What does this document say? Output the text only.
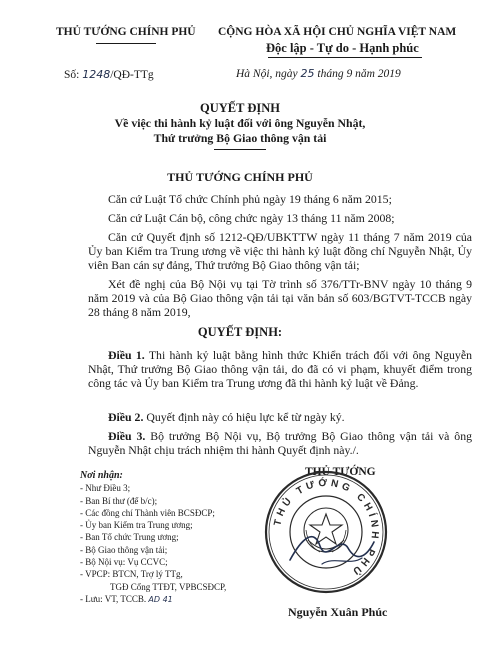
THỦ TƯỚNG CHÍNH PHỦ CỘNG HÒA XÃ HỘI CHỦ NGHĨA VIỆT NAM
Độc lập - Tự do - Hạnh phúc
Số: 1248/QĐ-TTg	Hà Nội, ngày 25 tháng 9 năm 2019
QUYẾT ĐỊNH
Về việc thi hành kỷ luật đối với ông Nguyễn Nhật,
Thứ trưởng Bộ Giao thông vận tải
THỦ TƯỚNG CHÍNH PHỦ
Căn cứ Luật Tổ chức Chính phủ ngày 19 tháng 6 năm 2015;
Căn cứ Luật Cán bộ, công chức ngày 13 tháng 11 năm 2008;
Căn cứ Quyết định số 1212-QĐ/UBKTTW ngày 11 tháng 7 năm 2019 của Ủy ban Kiểm tra Trung ương về việc thi hành kỷ luật đồng chí Nguyễn Nhật, Ủy viên Ban cán sự đảng, Thứ trưởng Bộ Giao thông vận tải;
Xét đề nghị của Bộ Nội vụ tại Tờ trình số 376/TTr-BNV ngày 10 tháng 9 năm 2019 và của Bộ Giao thông vận tải tại văn bản số 603/BGTVT-TCCB ngày 28 tháng 8 năm 2019,
QUYẾT ĐỊNH:
Điều 1. Thi hành kỷ luật bằng hình thức Khiển trách đối với ông Nguyễn Nhật, Thứ trưởng Bộ Giao thông vận tải, do đã có vi phạm, khuyết điểm trong công tác và Ủy ban Kiểm tra Trung ương đã thi hành kỷ luật về Đảng.
Điều 2. Quyết định này có hiệu lực kể từ ngày ký.
Điều 3. Bộ trưởng Bộ Nội vụ, Bộ trưởng Bộ Giao thông vận tải và ông Nguyễn Nhật chịu trách nhiệm thi hành Quyết định này./.
Nơi nhận:
- Như Điều 3;
- Ban Bí thư (để b/c);
- Các đồng chí Thành viên BCSĐCP;
- Ủy ban Kiểm tra Trung ương;
- Ban Tổ chức Trung ương;
- Bộ Giao thông vận tải;
- Bộ Nội vụ: Vụ CCVC;
- VPCP: BTCN, Trợ lý TTg,
TGĐ Cổng TTĐT, VPBCSĐCP,
- Lưu: VT, TCCB. AD 41
THỦ TƯỚNG
THỦ TƯỚNG CHÍNH PHỦ
Nguyễn Xuân Phúc
